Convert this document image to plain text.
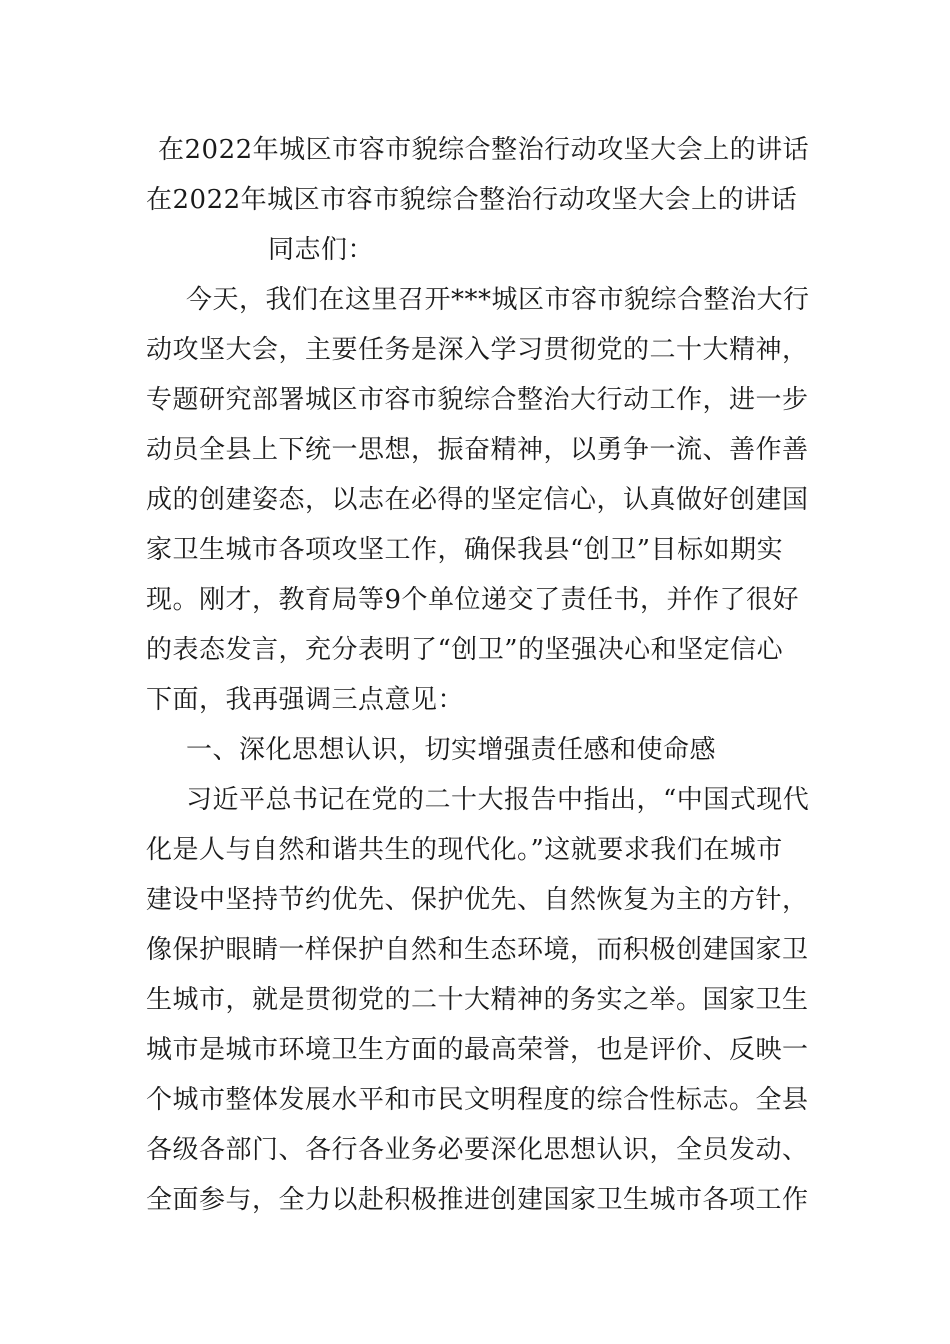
在2022年城区市容市貌综合整治行动攻坚大会上的讲话
在2022年城区市容市貌综合整治行动攻坚大会上的讲话
同志们：
今天，我们在这里召开***城区市容市貌综合整治大行
动攻坚大会，主要任务是深入学习贯彻党的二十大精神，
专题研究部署城区市容市貌综合整治大行动工作，进一步
动员全县上下统一思想，振奋精神，以勇争一流、善作善
成的创建姿态，以志在必得的坚定信心，认真做好创建国
家卫生城市各项攻坚工作，确保我县“创卫”目标如期实
现。刚才，教育局等9个单位递交了责任书，并作了很好
的表态发言，充分表明了“创卫”的坚强决心和坚定信心
下面，我再强调三点意见：
一、深化思想认识，切实增强责任感和使命感
习近平总书记在党的二十大报告中指出，“中国式现代
化是人与自然和谐共生的现代化。”这就要求我们在城市
建设中坚持节约优先、保护优先、自然恢复为主的方针，
像保护眼睛一样保护自然和生态环境，而积极创建国家卫
生城市，就是贯彻党的二十大精神的务实之举。国家卫生
城市是城市环境卫生方面的最高荣誉，也是评价、反映一
个城市整体发展水平和市民文明程度的综合性标志。全县
各级各部门、各行各业务必要深化思想认识，全员发动、
全面参与，全力以赴积极推进创建国家卫生城市各项工作
